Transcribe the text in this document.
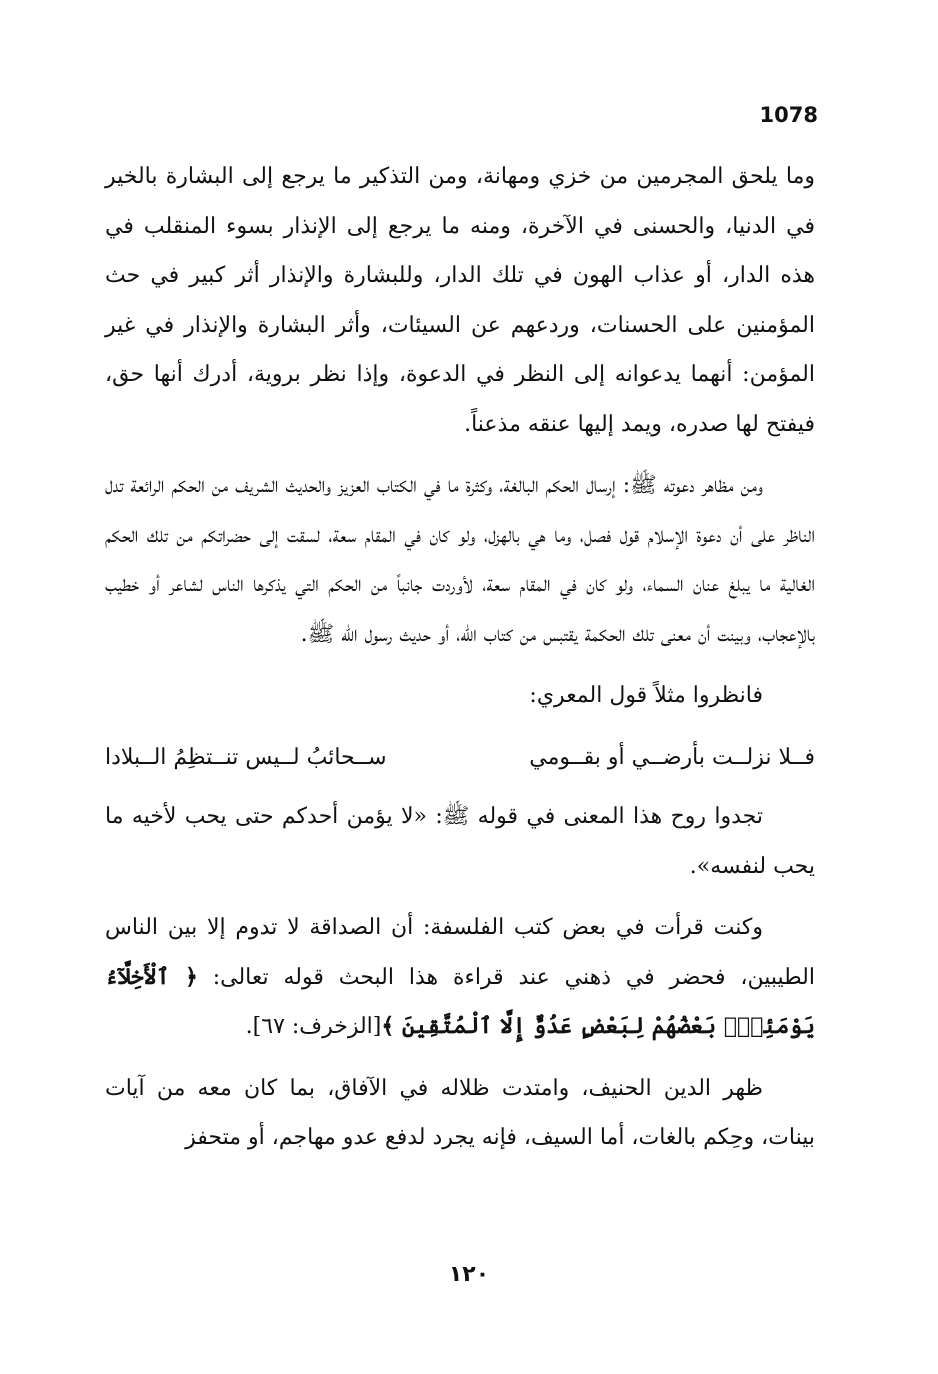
1078

وما يلحق المجرمين من خزي ومهانة، ومن التذكير ما يرجع إلى البشارة بالخير في الدنيا، والحسنى في الآخرة، ومنه ما يرجع إلى الإنذار بسوء المنقلب في هذه الدار، أو عذاب الهون في تلك الدار، وللبشارة والإنذار أثر كبير في حث المؤمنين على الحسنات، وردعهم عن السيئات، وأثر البشارة والإنذار في غير المؤمن: أنهما يدعوانه إلى النظر في الدعوة، وإذا نظر بروية، أدرك أنها حق، فيفتح لها صدره، ويمد إليها عنقه مذعناً.

ومن مظاهر دعوته ﷺ: إرسال الحكم البالغة، وكثرة ما في الكتاب العزيز والحديث الشريف من الحكم الرائعة تدل الناظر على أن دعوة الإسلام قول فصل، وما هي بالهزل، ولو كان في المقام سعة، لسقت إلى حضراتكم من تلك الحكم الغالية ما يبلغ عنان السماء، ولو كان في المقام سعة، لأوردت جانباً من الحكم التي يذكرها الناس لشاعر أو خطيب بالإعجاب، وبينت أن معنى تلك الحكمة يقتبس من كتاب الله، أو حديث رسول الله ﷺ.

فانظروا مثلاً قول المعري:

فــلا نزلــت بأرضــي أو بقــومي
ســحائبُ لــيس تنــتظِمُ الــبلادا

تجدوا روح هذا المعنى في قوله ﷺ: «لا يؤمن أحدكم حتى يحب لأخيه ما يحب لنفسه».

وكنت قرأت في بعض كتب الفلسفة: أن الصداقة لا تدوم إلا بين الناس الطيبين، فحضر في ذهني عند قراءة هذا البحث قوله تعالى: ﴿ ٱلْأَخِلَّآءُ يَوْمَئِذٍۭ بَعْضُهُمْ لِبَعْضٍ عَدُوٌّ إِلَّا ٱلْمُتَّقِينَ ﴾[الزخرف: ٦٧].

ظهر الدين الحنيف، وامتدت ظلاله في الآفاق، بما كان معه من آيات بينات، وحِكم بالغات، أما السيف، فإنه يجرد لدفع عدو مهاجم، أو متحفز

١٢٠
